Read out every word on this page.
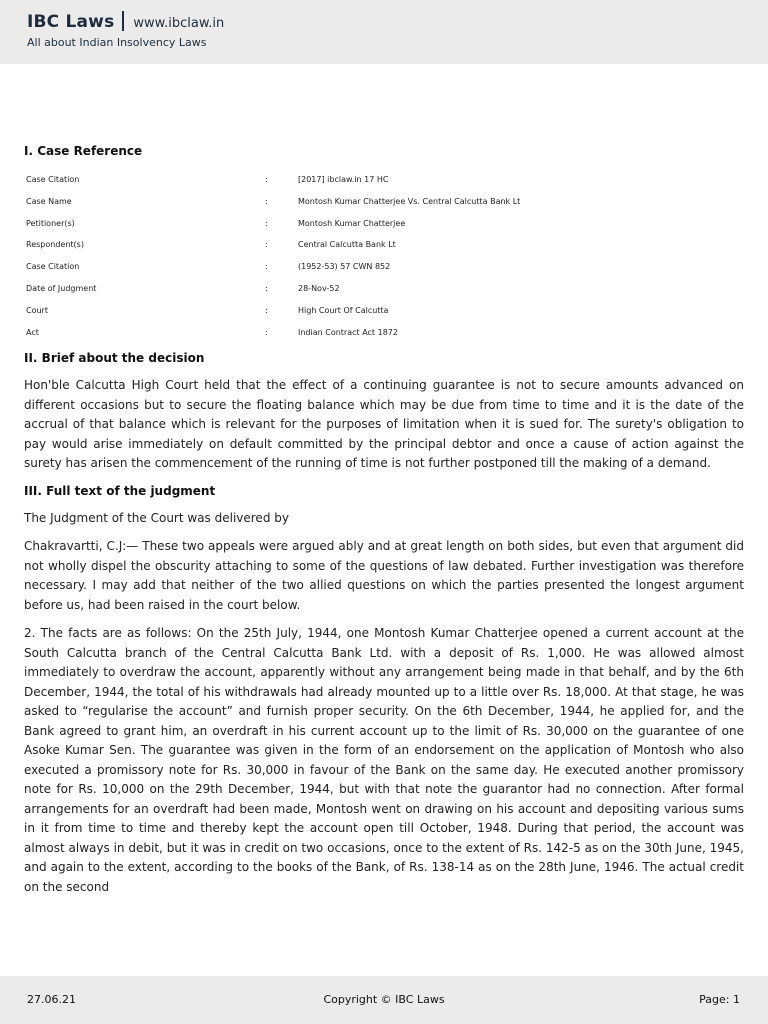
IBC Laws www.ibclaw.in
All about Indian Insolvency Laws
I. Case Reference
Case Citation	:	[2017] ibclaw.in 17 HC
Case Name	:	Montosh Kumar Chatterjee Vs. Central Calcutta Bank Lt
Petitioner(s)	:	Montosh Kumar Chatterjee
Respondent(s)	:	Central Calcutta Bank Lt
Case Citation	:	(1952-53) 57 CWN 852
Date of Judgment	:	28-Nov-52
Court	:	High Court Of Calcutta
Act	:	Indian Contract Act 1872
II. Brief about the decision

Hon'ble Calcutta High Court held that the effect of a continuing guarantee is not to secure amounts advanced on different occasions but to secure the floating balance which may be due from time to time and it is the date of the accrual of that balance which is relevant for the purposes of limitation when it is sued for. The surety's obligation to pay would arise immediately on default committed by the principal debtor and once a cause of action against the surety has arisen the commencement of the running of time is not further postponed till the making of a demand.

III. Full text of the judgment

The Judgment of the Court was delivered by

Chakravartti, C.J:— These two appeals were argued ably and at great length on both sides, but even that argument did not wholly dispel the obscurity attaching to some of the questions of law debated. Further investigation was therefore necessary. I may add that neither of the two allied questions on which the parties presented the longest argument before us, had been raised in the court below.

2. The facts are as follows: On the 25th July, 1944, one Montosh Kumar Chatterjee opened a current account at the South Calcutta branch of the Central Calcutta Bank Ltd. with a deposit of Rs. 1,000. He was allowed almost immediately to overdraw the account, apparently without any arrangement being made in that behalf, and by the 6th December, 1944, the total of his withdrawals had already mounted up to a little over Rs. 18,000. At that stage, he was asked to “regularise the account” and furnish proper security. On the 6th December, 1944, he applied for, and the Bank agreed to grant him, an overdraft in his current account up to the limit of Rs. 30,000 on the guarantee of one Asoke Kumar Sen. The guarantee was given in the form of an endorsement on the application of Montosh who also executed a promissory note for Rs. 30,000 in favour of the Bank on the same day. He executed another promissory note for Rs. 10,000 on the 29th December, 1944, but with that note the guarantor had no connection. After formal arrangements for an overdraft had been made, Montosh went on drawing on his account and depositing various sums in it from time to time and thereby kept the account open till October, 1948. During that period, the account was almost always in debit, but it was in credit on two occasions, once to the extent of Rs. 142-5 as on the 30th June, 1945, and again to the extent, according to the books of the Bank, of Rs. 138-14 as on the 28th June, 1946. The actual credit on the second

27.06.21	Copyright © IBC Laws	Page: 1
